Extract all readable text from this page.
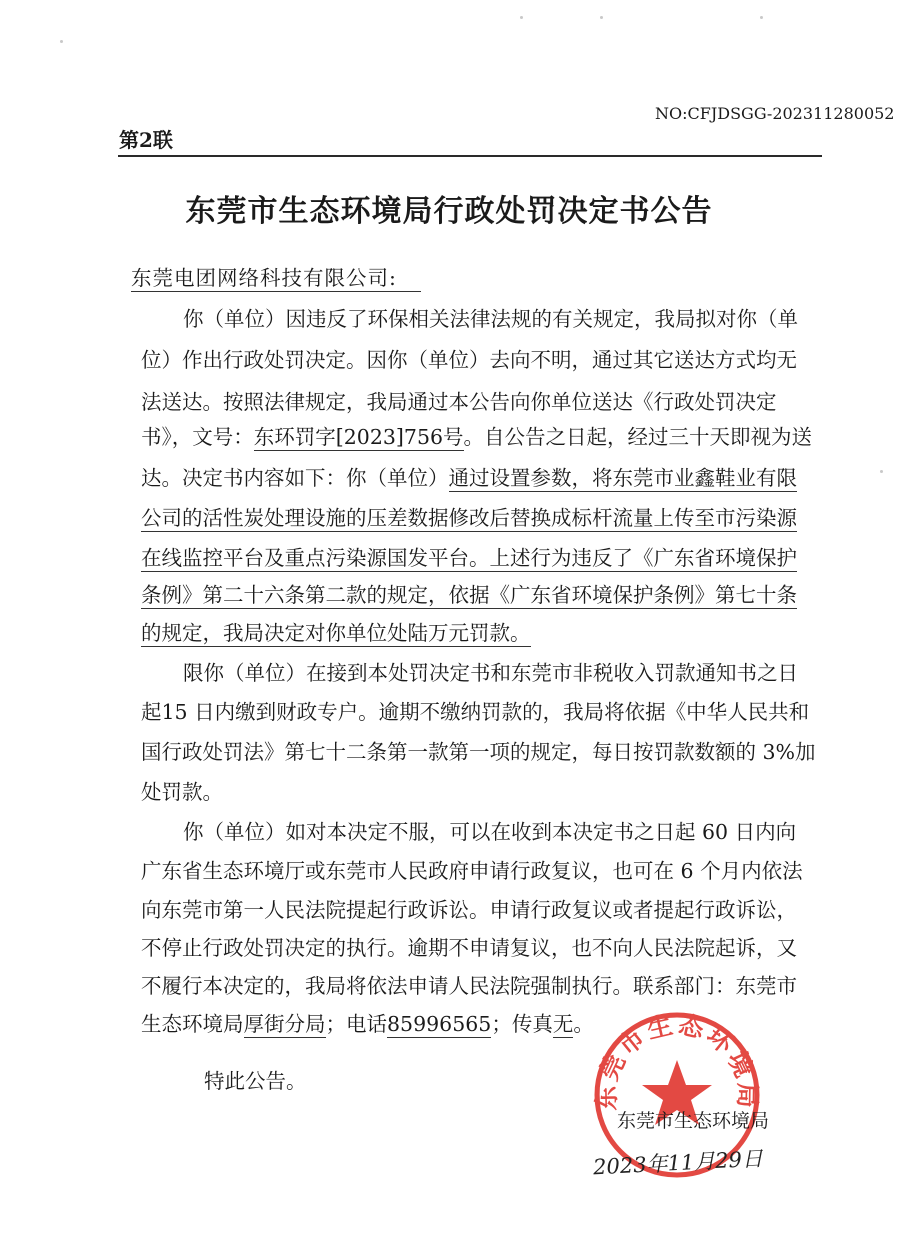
NO:CFJDSGG-202311280052
第2联
东莞市生态环境局行政处罚决定书公告
东莞电团网络科技有限公司:
你（单位）因违反了环保相关法律法规的有关规定，我局拟对你（单
位）作出行政处罚决定。因你（单位）去向不明，通过其它送达方式均无
法送达。按照法律规定，我局通过本公告向你单位送达《行政处罚决定
书》，文号：东环罚字[2023]756号。自公告之日起，经过三十天即视为送
达。决定书内容如下：你（单位）通过设置参数，将东莞市业鑫鞋业有限
公司的活性炭处理设施的压差数据修改后替换成标杆流量上传至市污染源
在线监控平台及重点污染源国发平台。上述行为违反了《广东省环境保护
条例》第二十六条第二款的规定，依据《广东省环境保护条例》第七十条
的规定，我局决定对你单位处陆万元罚款。
限你（单位）在接到本处罚决定书和东莞市非税收入罚款通知书之日
起15 日内缴到财政专户。逾期不缴纳罚款的，我局将依据《中华人民共和
国行政处罚法》第七十二条第一款第一项的规定，每日按罚款数额的 3%加
处罚款。
你（单位）如对本决定不服，可以在收到本决定书之日起 60 日内向
广东省生态环境厅或东莞市人民政府申请行政复议，也可在 6 个月内依法
向东莞市第一人民法院提起行政诉讼。申请行政复议或者提起行政诉讼，
不停止行政处罚决定的执行。逾期不申请复议，也不向人民法院起诉，又
不履行本决定的，我局将依法申请人民法院强制执行。联系部门：东莞市
生态环境局厚街分局；电话85996565；传真无。
特此公告。
东莞市生态环境局
东莞市生态环境局
2023年11月29日
